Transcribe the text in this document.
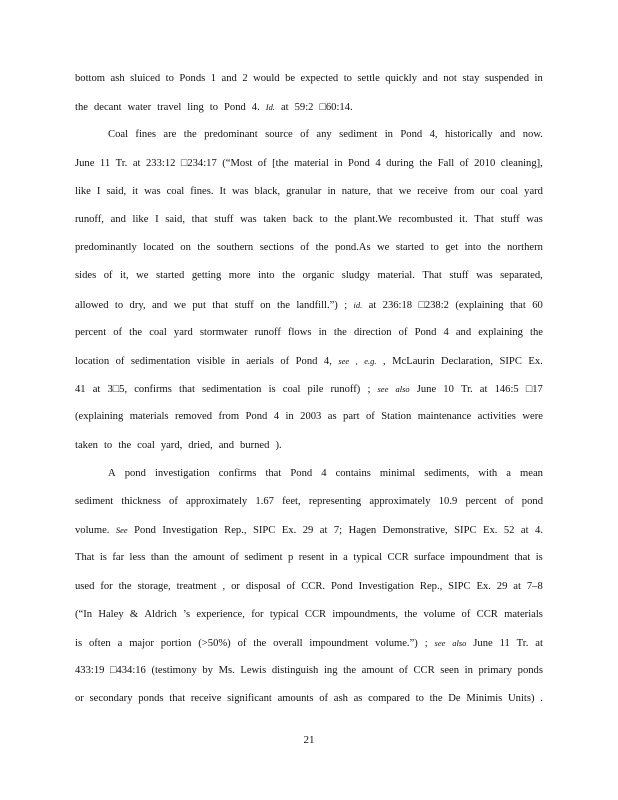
bottom ash sluiced to Ponds 1 and 2 would be expected to settle quickly and not stay suspended in
the decant water travel ling to Pond 4. Id. at 59:2 □60:14.
Coal fines are the predominant source of any sediment in Pond 4, historically and now.
June 11 Tr. at 233:12 □234:17 (“Most of [the material in Pond 4 during the Fall of 2010 cleaning],
like I said, it was coal fines. It was black, granular in nature, that we receive from our coal yard
runoff, and like I said, that stuff was taken back to the plant.We recombusted it. That stuff was
predominantly located on the southern sections of the pond.As we started to get into the northern
sides of it, we started getting more into the organic sludgy material. That stuff was separated,
allowed to dry, and we put that stuff on the landfill.”) ; id. at 236:18 □238:2 (explaining that 60
percent of the coal yard stormwater runoff flows in the direction of Pond 4 and explaining the
location of sedimentation visible in aerials of Pond 4, see , e.g. , McLaurin Declaration, SIPC Ex.
41 at 3□5, confirms that sedimentation is coal pile runoff) ; see also June 10 Tr. at 146:5 □17
(explaining materials removed from Pond 4 in 2003 as part of Station maintenance activities were
taken to the coal yard, dried, and burned ).
A pond investigation confirms that Pond 4 contains minimal sediments, with a mean
sediment thickness of approximately 1.67 feet, representing approximately 10.9 percent of pond
volume. See Pond Investigation Rep., SIPC Ex. 29 at 7; Hagen Demonstrative, SIPC Ex. 52 at 4.
That is far less than the amount of sediment p resent in a typical CCR surface impoundment that is
used for the storage, treatment , or disposal of CCR. Pond Investigation Rep., SIPC Ex. 29 at 7–8
(“In Haley & Aldrich ’s experience, for typical CCR impoundments, the volume of CCR materials
is often a major portion (>50%) of the overall impoundment volume.”) ; see also June 11 Tr. at
433:19 □434:16 (testimony by Ms. Lewis distinguish ing the amount of CCR seen in primary ponds
or secondary ponds that receive significant amounts of ash as compared to the De Minimis Units) .
21
